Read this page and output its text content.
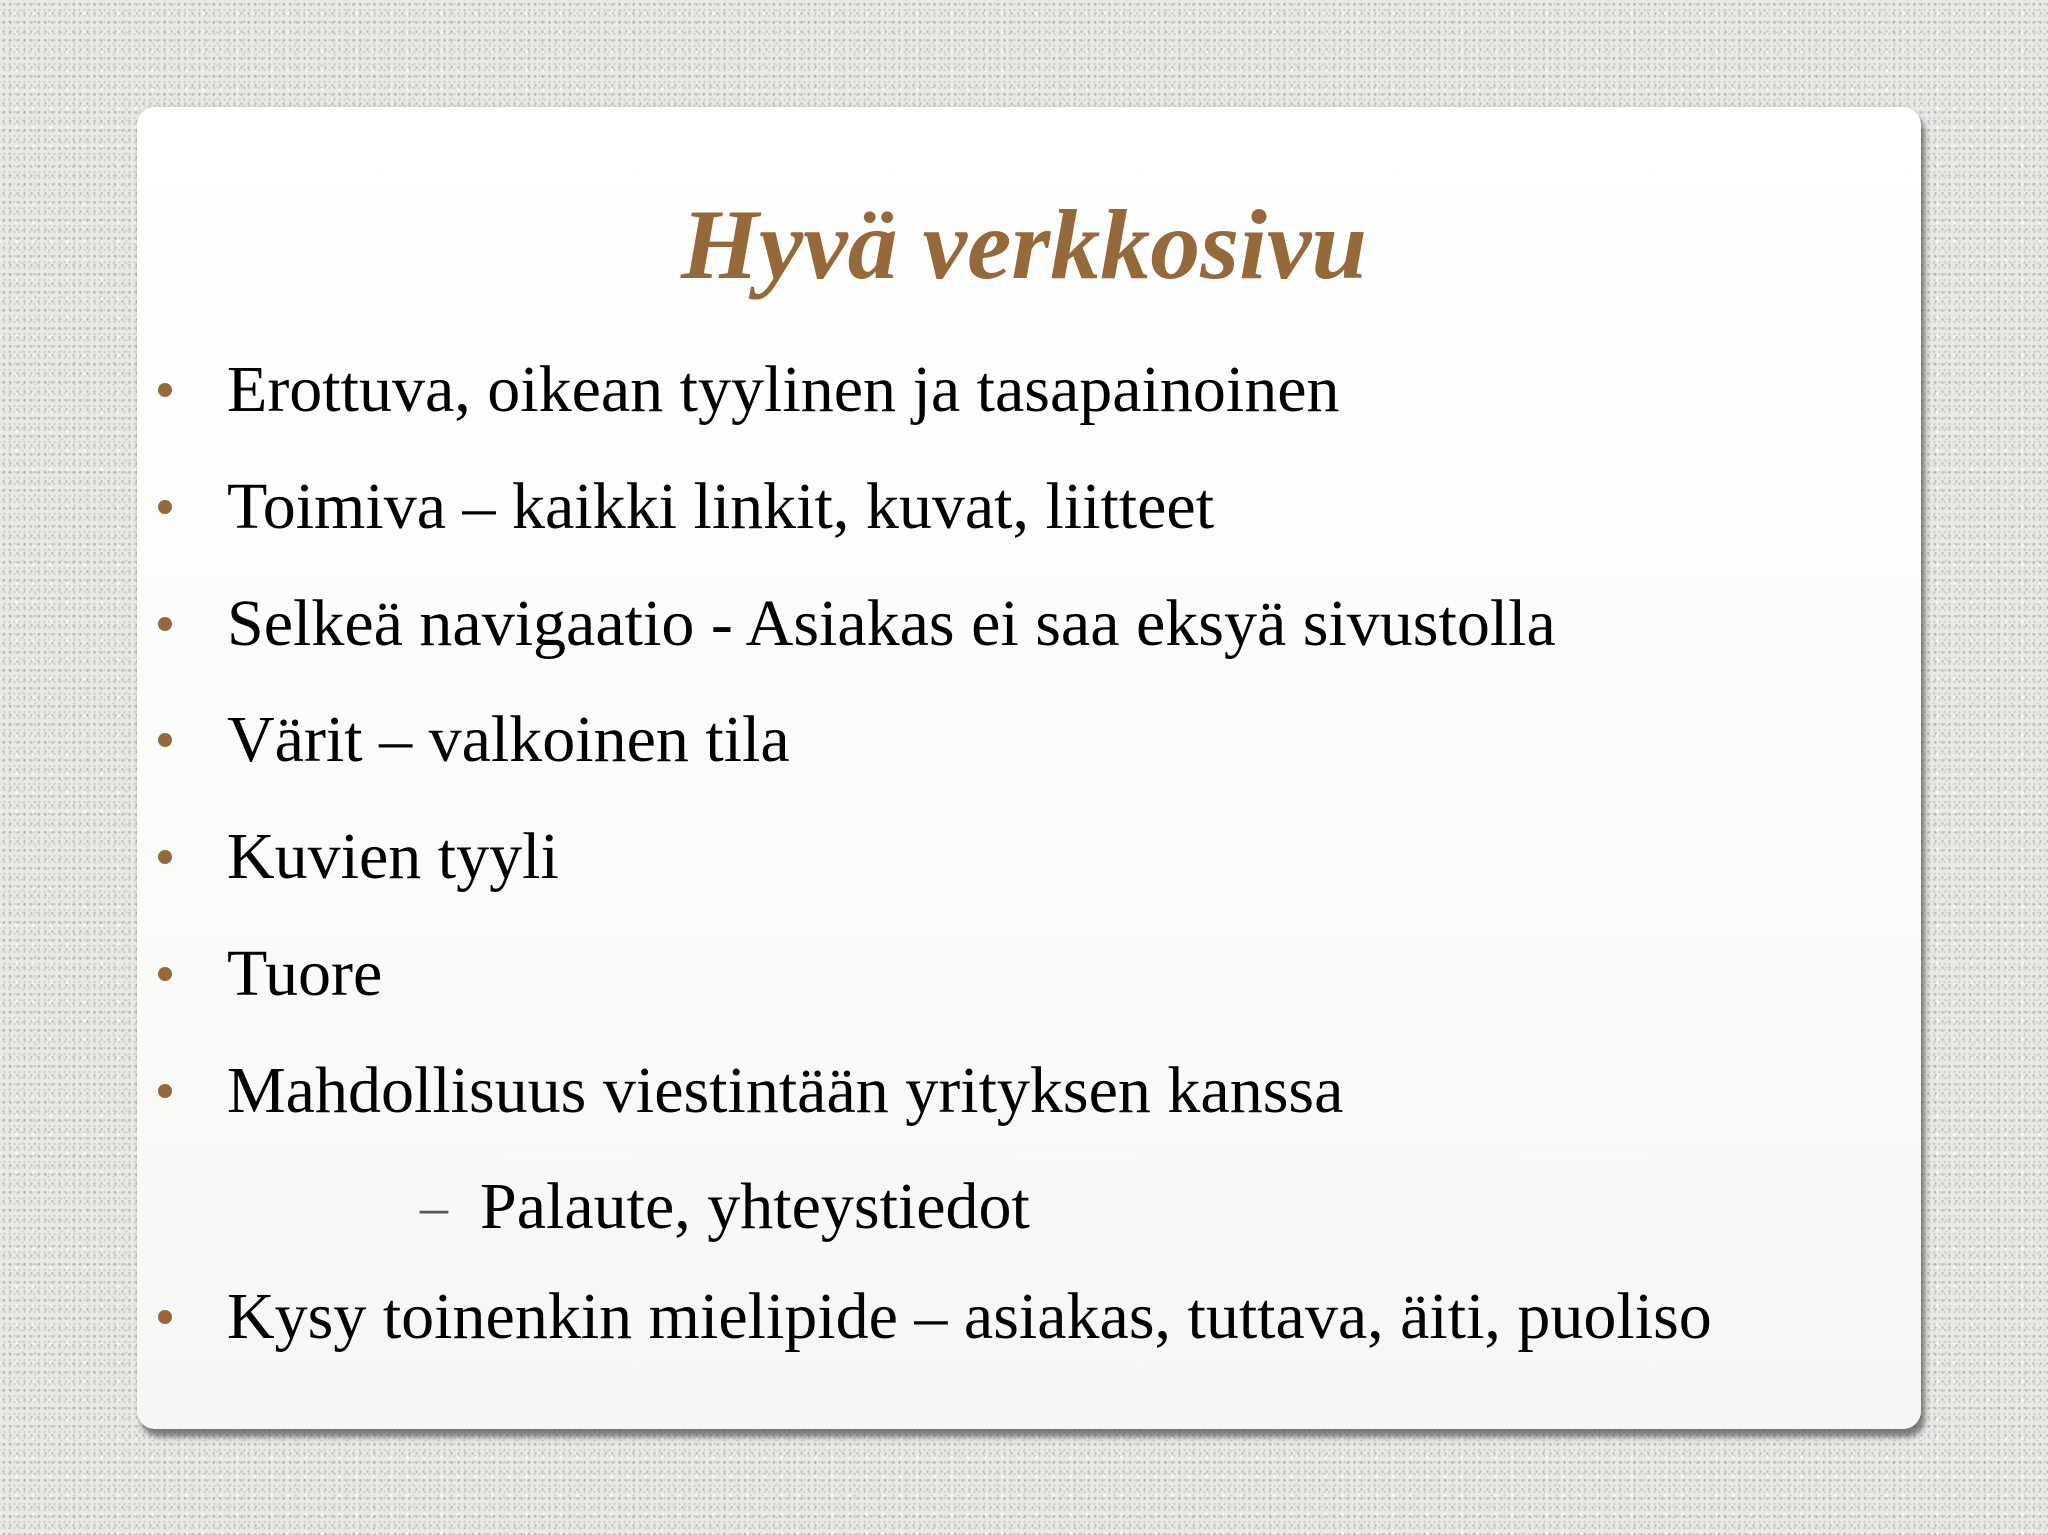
Hyvä verkkosivu
Erottuva, oikean tyylinen ja tasapainoinen
Toimiva – kaikki linkit, kuvat, liitteet
Selkeä navigaatio - Asiakas ei saa eksyä sivustolla
Värit – valkoinen tila
Kuvien tyyli
Tuore
Mahdollisuus viestintään yrityksen kanssa
– Palaute, yhteystiedot
Kysy toinenkin mielipide – asiakas, tuttava, äiti, puoliso
